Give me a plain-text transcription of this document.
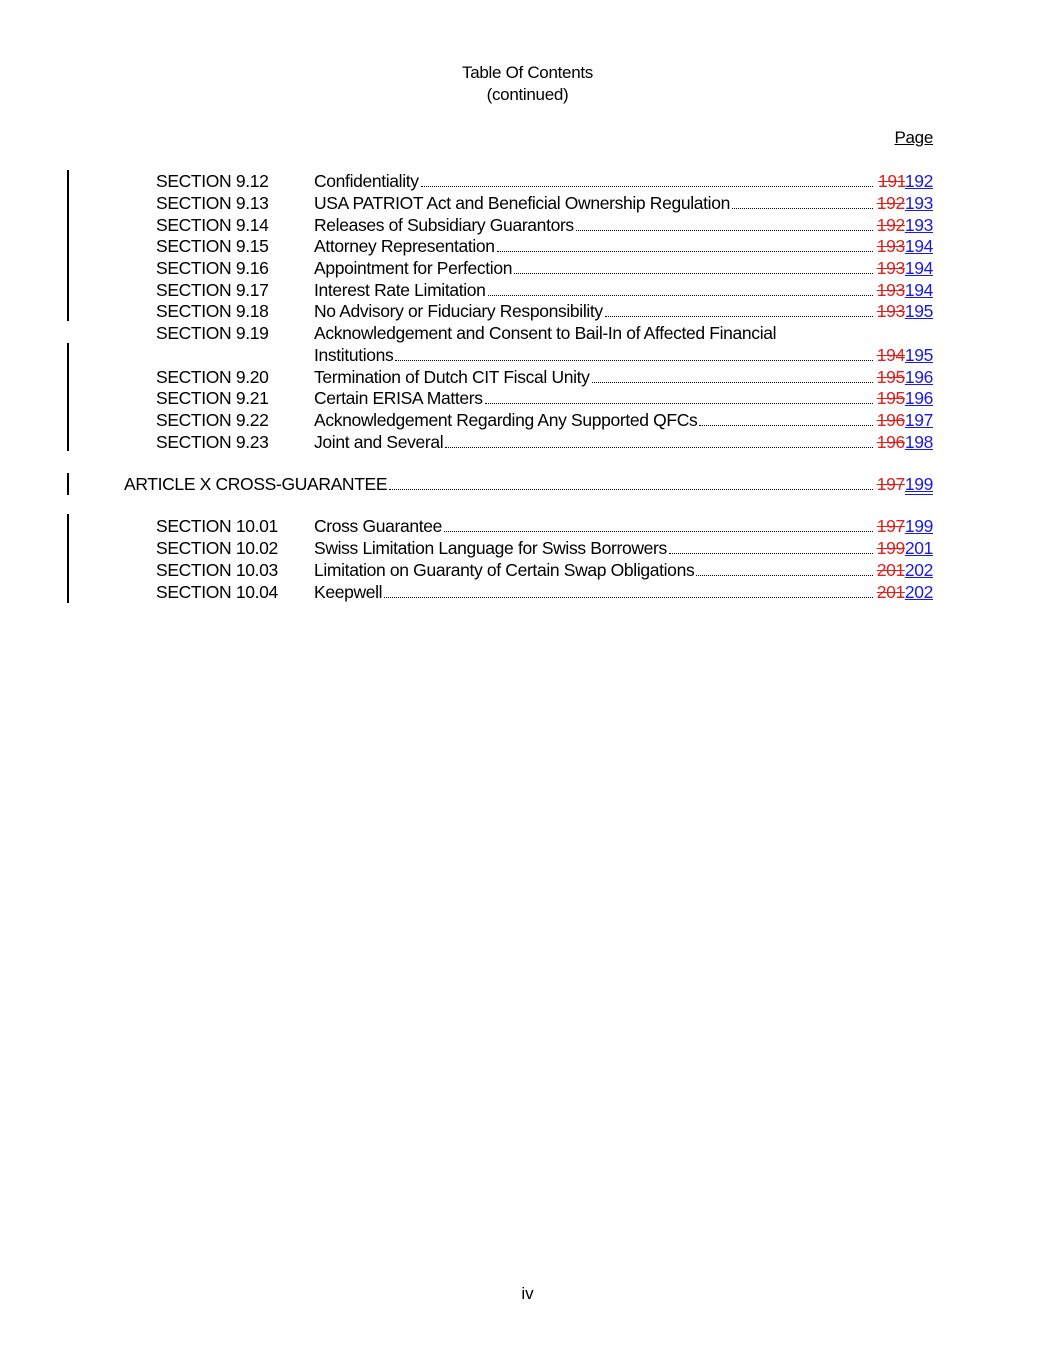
Table Of Contents
(continued)
Page
SECTION 9.12	Confidentiality	191192
SECTION 9.13	USA PATRIOT Act and Beneficial Ownership Regulation	192193
SECTION 9.14	Releases of Subsidiary Guarantors	192193
SECTION 9.15	Attorney Representation	193194
SECTION 9.16	Appointment for Perfection	193194
SECTION 9.17	Interest Rate Limitation	193194
SECTION 9.18	No Advisory or Fiduciary Responsibility	193195
SECTION 9.19	Acknowledgement and Consent to Bail-In of Affected Financial
Institutions	194195
SECTION 9.20	Termination of Dutch CIT Fiscal Unity	195196
SECTION 9.21	Certain ERISA Matters	195196
SECTION 9.22	Acknowledgement Regarding Any Supported QFCs	196197
SECTION 9.23	Joint and Several	196198
ARTICLE X CROSS-GUARANTEE	197199
SECTION 10.01 Cross Guarantee	197199
SECTION 10.02 Swiss Limitation Language for Swiss Borrowers	199201
SECTION 10.03 Limitation on Guaranty of Certain Swap Obligations	201202
SECTION 10.04 Keepwell	201202
iv
